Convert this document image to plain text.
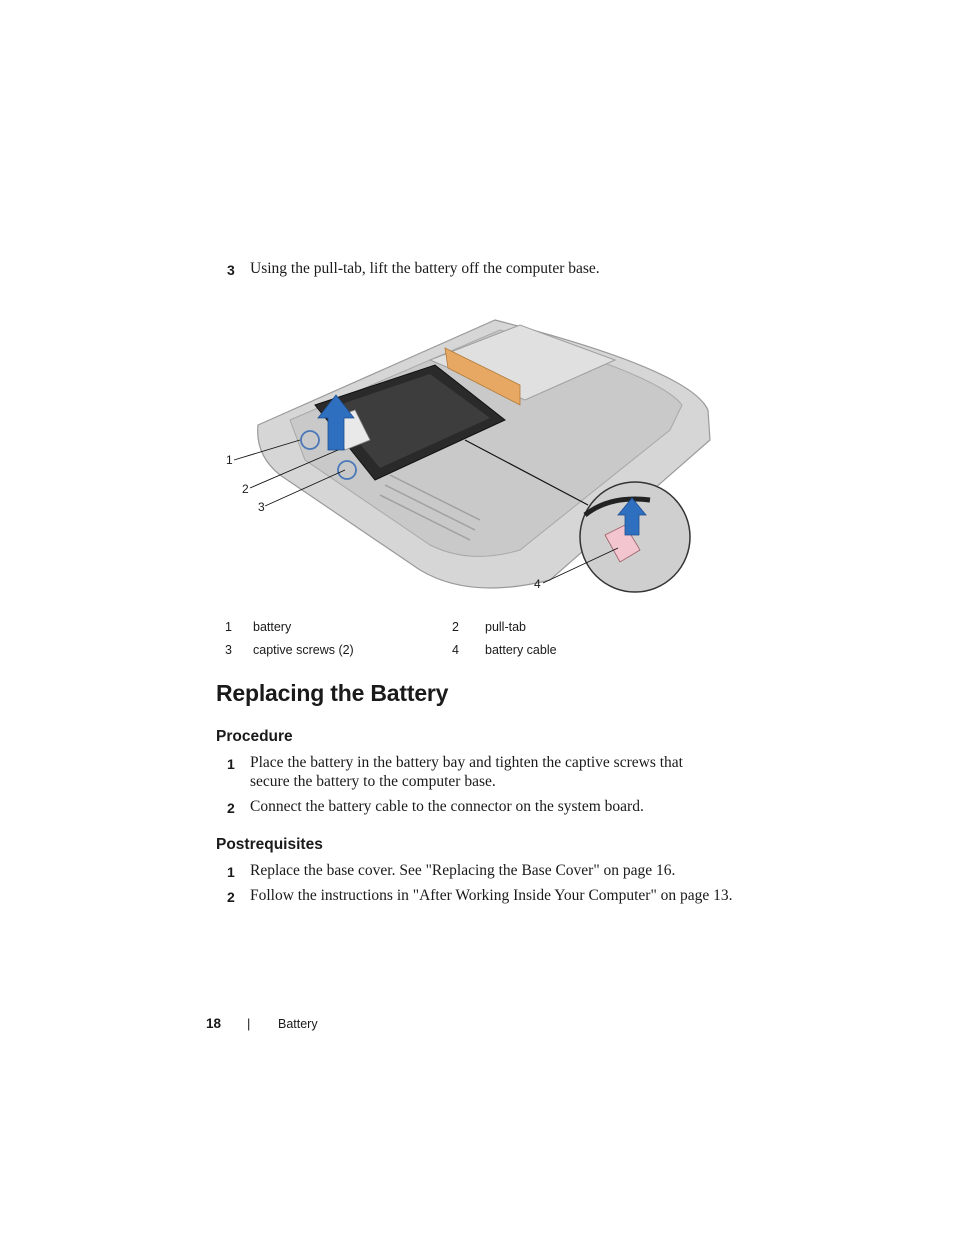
3 Using the pull-tab, lift the battery off the computer base.
1
2
3
4
1 battery	2 pull-tab
3 captive screws (2)	4 battery cable
Replacing the Battery
Procedure
1 Place the battery in the battery bay and tighten the captive screws that
secure the battery to the computer base.
2 Connect the battery cable to the connector on the system board.
Postrequisites
1 Replace the base cover. See "Replacing the Base Cover" on page 16.
2 Follow the instructions in "After Working Inside Your Computer" on page 13.
18 | Battery
